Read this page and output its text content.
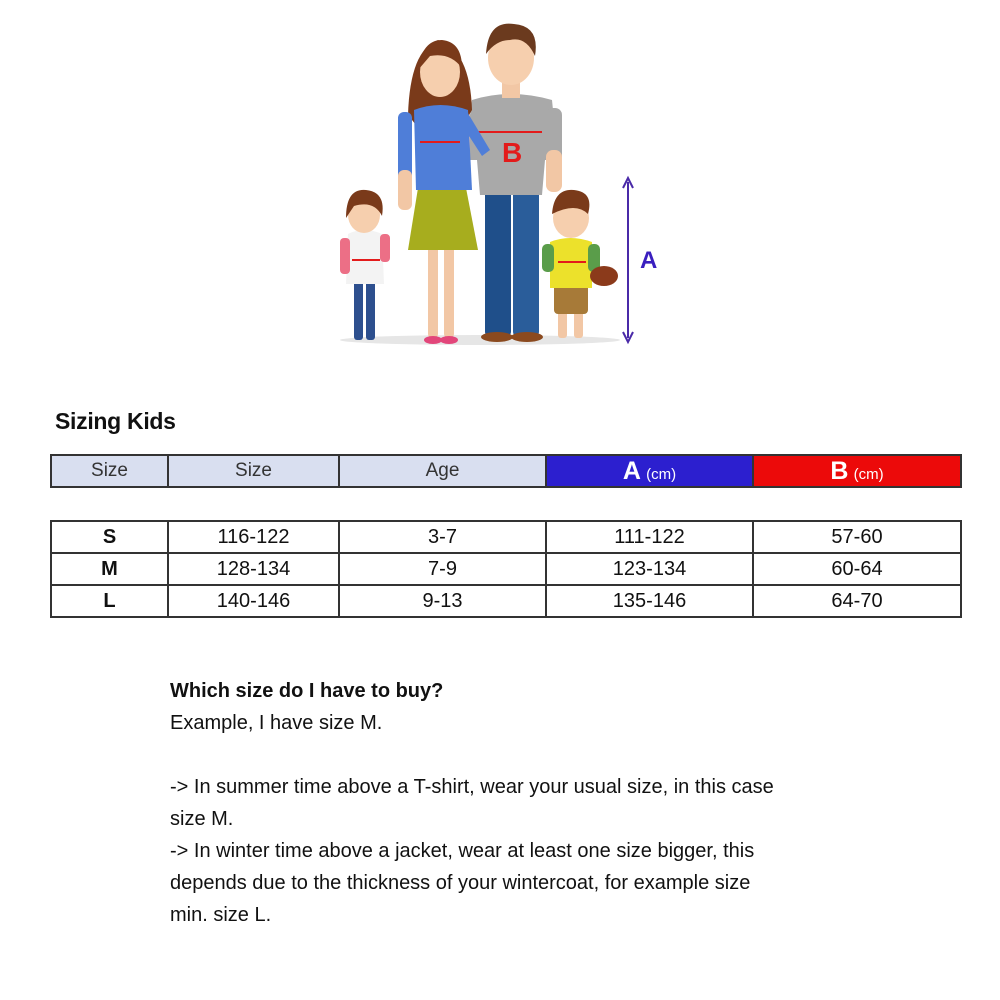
B
A
Sizing Kids
Size	Size	Age	A (cm)	B (cm)
S	116-122	3-7	111-122	57-60
M	128-134	7-9	123-134	60-64
L	140-146	9-13	135-146	64-70

Which size do I have to buy?

Example, I have size M.

-> In summer time above a T-shirt, wear your usual size, in this case

size M.

-> In winter time above a jacket, wear at least one size bigger, this

depends due to the thickness of your wintercoat, for example size

min. size L.
